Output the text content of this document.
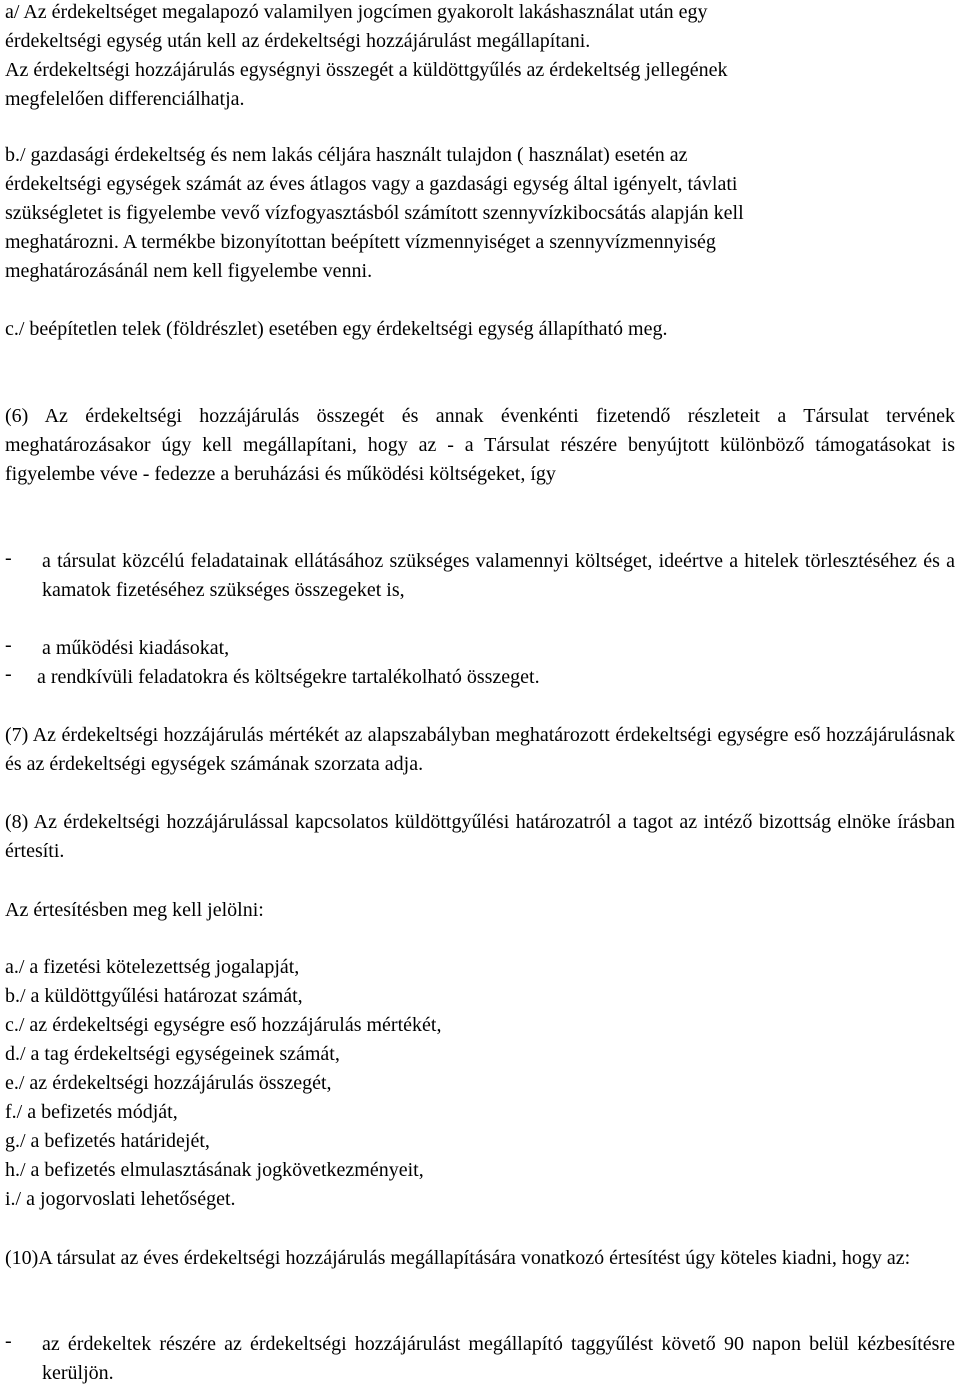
a/ Az érdekeltséget megalapozó valamilyen jogcímen gyakorolt lakáshasználat után egy

érdekeltségi egység után kell az érdekeltségi hozzájárulást megállapítani.

Az érdekeltségi hozzájárulás egységnyi összegét a küldöttgyűlés az érdekeltség jellegének

megfelelően differenciálhatja.

b./ gazdasági érdekeltség és nem lakás céljára használt tulajdon ( használat) esetén az

érdekeltségi egységek számát az éves átlagos vagy a gazdasági egység által igényelt, távlati

szükségletet is figyelembe vevő vízfogyasztásból számított szennyvízkibocsátás alapján kell

meghatározni. A termékbe bizonyítottan beépített vízmennyiséget a szennyvízmennyiség

meghatározásánál nem kell figyelembe venni.

c./ beépítetlen telek (földrészlet) esetében egy érdekeltségi egység állapítható meg.

(6) Az érdekeltségi hozzájárulás összegét és annak évenkénti fizetendő részleteit a Társulat tervének meghatározásakor úgy kell megállapítani, hogy az - a Társulat részére benyújtott különböző támogatásokat is figyelembe véve - fedezze a beruházási és működési költségeket, így

- a társulat közcélú feladatainak ellátásához szükséges valamennyi költséget, ideértve a hitelek törlesztéséhez és a kamatok fizetéséhez szükséges összegeket is,

- a működési kiadásokat,

- a rendkívüli feladatokra és költségekre tartalékolható összeget.

(7) Az érdekeltségi hozzájárulás mértékét az alapszabályban meghatározott érdekeltségi egységre eső hozzájárulásnak és az érdekeltségi egységek számának szorzata adja.

(8) Az érdekeltségi hozzájárulással kapcsolatos küldöttgyűlési határozatról a tagot az intéző bizottság elnöke írásban értesíti.

Az értesítésben meg kell jelölni:

a./ a fizetési kötelezettség jogalapját,

b./ a küldöttgyűlési határozat számát,

c./ az érdekeltségi egységre eső hozzájárulás mértékét,

d./ a tag érdekeltségi egységeinek számát,

e./ az érdekeltségi hozzájárulás összegét,

f./ a befizetés módját,

g./ a befizetés határidejét,

h./ a befizetés elmulasztásának jogkövetkezményeit,

i./ a jogorvoslati lehetőséget.

(10)A társulat az éves érdekeltségi hozzájárulás megállapítására vonatkozó értesítést úgy köteles kiadni, hogy az:

- az érdekeltek részére az érdekeltségi hozzájárulást megállapító taggyűlést követő 90 napon belül kézbesítésre kerüljön.
